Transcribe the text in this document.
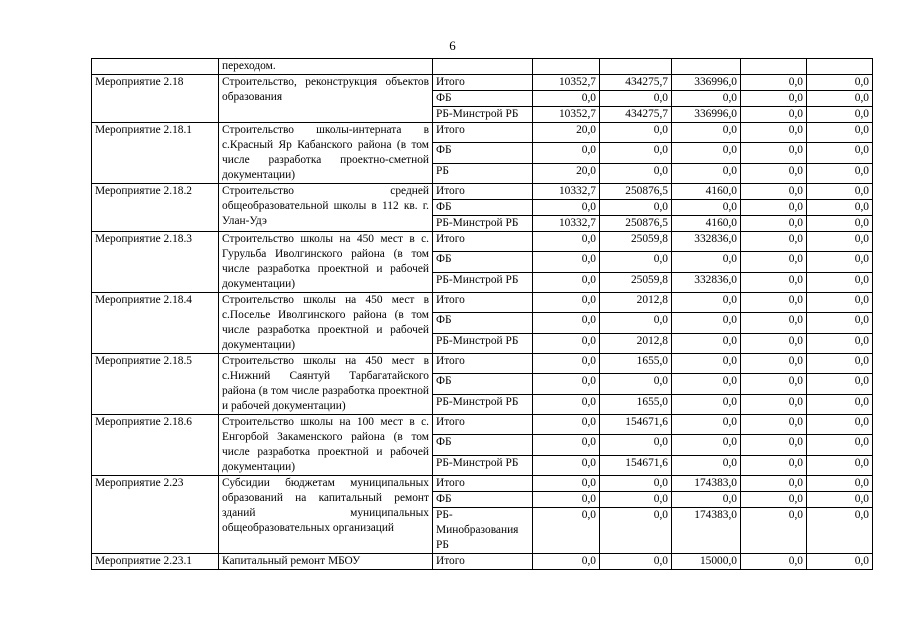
6
	переходом.						
Мероприятие 2.18	Строительство, реконструкция объектов образования	Итого	10352,7	434275,7	336996,0	0,0	0,0
		ФБ	0,0	0,0	0,0	0,0	0,0
		РБ-Минстрой РБ	10352,7	434275,7	336996,0	0,0	0,0
Мероприятие 2.18.1	Строительство школы-интерната в с.Красный Яр Кабанского района (в том числе разработка проектно-сметной документации)	Итого	20,0	0,0	0,0	0,0	0,0
		ФБ	0,0	0,0	0,0	0,0	0,0
		РБ	20,0	0,0	0,0	0,0	0,0
Мероприятие 2.18.2	Строительство средней общеобразовательной школы в 112 кв. г. Улан-Удэ	Итого	10332,7	250876,5	4160,0	0,0	0,0
		ФБ	0,0	0,0	0,0	0,0	0,0
		РБ-Минстрой РБ	10332,7	250876,5	4160,0	0,0	0,0
Мероприятие 2.18.3	Строительство школы на 450 мест в с. Гурульба Иволгинского района (в том числе разработка проектной и рабочей документации)	Итого	0,0	25059,8	332836,0	0,0	0,0
		ФБ	0,0	0,0	0,0	0,0	0,0
		РБ-Минстрой РБ	0,0	25059,8	332836,0	0,0	0,0
Мероприятие 2.18.4	Строительство школы на 450 мест в с.Поселье Иволгинского района (в том числе разработка проектной и рабочей документации)	Итого	0,0	2012,8	0,0	0,0	0,0
		ФБ	0,0	0,0	0,0	0,0	0,0
		РБ-Минстрой РБ	0,0	2012,8	0,0	0,0	0,0
Мероприятие 2.18.5	Строительство школы на 450 мест в с.Нижний Саянтуй Тарбагатайского района (в том числе разработка проектной и рабочей документации)	Итого	0,0	1655,0	0,0	0,0	0,0
		ФБ	0,0	0,0	0,0	0,0	0,0
		РБ-Минстрой РБ	0,0	1655,0	0,0	0,0	0,0
Мероприятие 2.18.6	Строительство школы на 100 мест в с. Енгорбой Закаменского района (в том числе разработка проектной и рабочей документации)	Итого	0,0	154671,6	0,0	0,0	0,0
		ФБ	0,0	0,0	0,0	0,0	0,0
		РБ-Минстрой РБ	0,0	154671,6	0,0	0,0	0,0
Мероприятие 2.23	Субсидии бюджетам муниципальных образований на капитальный ремонт зданий муниципальных общеобразовательных организаций	Итого	0,0	0,0	174383,0	0,0	0,0
		ФБ	0,0	0,0	0,0	0,0	0,0
		РБ-Минобразования РБ	0,0	0,0	174383,0	0,0	0,0
Мероприятие 2.23.1	Капитальный ремонт МБОУ	Итого	0,0	0,0	15000,0	0,0	0,0
